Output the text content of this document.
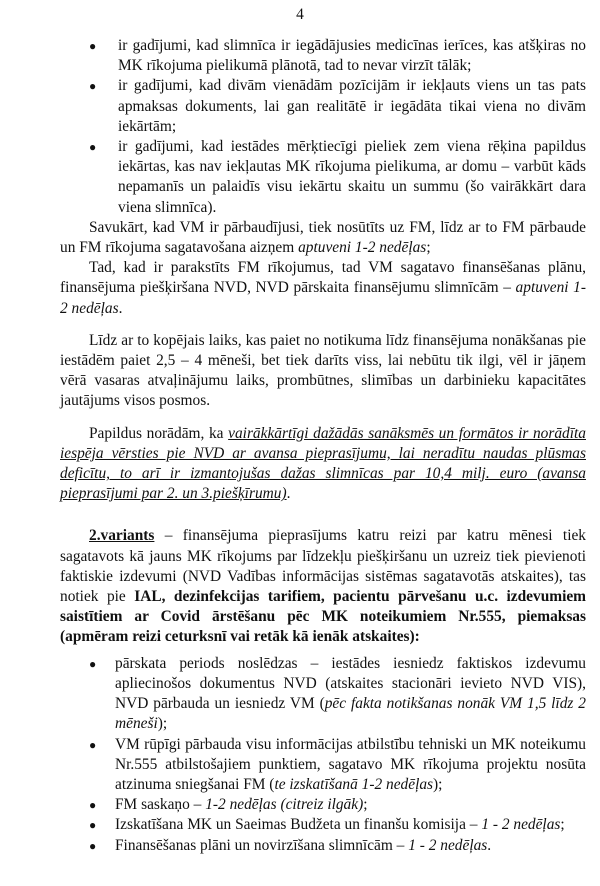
4
● ir gadījumi, kad slimnīca ir iegādājusies medicīnas ierīces, kas atšķiras no MK rīkojuma pielikumā plānotā, tad to nevar virzīt tālāk;
● ir gadījumi, kad divām vienādām pozīcijām ir iekļauts viens un tas pats apmaksas dokuments, lai gan realitātē ir iegādāta tikai viena no divām iekārtām;
● ir gadījumi, kad iestādes mērķtiecīgi pieliek zem viena rēķina papildus iekārtas, kas nav iekļautas MK rīkojuma pielikuma, ar domu – varbūt kāds nepamanīs un palaidīs visu iekārtu skaitu un summu (šo vairākkārt dara viena slimnīca).

Savukārt, kad VM ir pārbaudījusi, tiek nosūtīts uz FM, līdz ar to FM pārbaude un FM rīkojuma sagatavošana aizņem aptuveni 1-2 nedēļas;

Tad, kad ir parakstīts FM rīkojumus, tad VM sagatavo finansēšanas plānu, finansējuma piešķiršana NVD, NVD pārskaita finansējumu slimnīcām – aptuveni 1-2 nedēļas.

Līdz ar to kopējais laiks, kas paiet no notikuma līdz finansējuma nonākšanas pie iestādēm paiet 2,5 – 4 mēneši, bet tiek darīts viss, lai nebūtu tik ilgi, vēl ir jāņem vērā vasaras atvaļinājumu laiks, prombūtnes, slimības un darbinieku kapacitātes jautājums visos posmos.

Papildus norādām, ka vairākkārtīgi dažādās sanāksmēs un formātos ir norādīta iespēja vērsties pie NVD ar avansa pieprasījumu, lai neradītu naudas plūsmas deficītu, to arī ir izmantojušas dažas slimnīcas par 10,4 milj. euro (avansa pieprasījumi par 2. un 3.piešķīrumu).

2.variants – finansējuma pieprasījums katru reizi par katru mēnesi tiek sagatavots kā jauns MK rīkojums par līdzekļu piešķiršanu un uzreiz tiek pievienoti faktiskie izdevumi (NVD Vadības informācijas sistēmas sagatavotās atskaites), tas notiek pie IAL, dezinfekcijas tarifiem, pacientu pārvešanu u.c. izdevumiem saistītiem ar Covid ārstēšanu pēc MK noteikumiem Nr.555, piemaksas (apmēram reizi ceturksnī vai retāk kā ienāk atskaites):

● pārskata periods noslēdzas – iestādes iesniedz faktiskos izdevumu apliecinošos dokumentus NVD (atskaites stacionāri ievieto NVD VIS), NVD pārbauda un iesniedz VM (pēc fakta notikšanas nonāk VM 1,5 līdz 2 mēneši);
● VM rūpīgi pārbauda visu informācijas atbilstību tehniski un MK noteikumu Nr.555 atbilstošajiem punktiem, sagatavo MK rīkojuma projektu nosūta atzinuma sniegšanai FM (te izskatīšanā 1-2 nedēļas);
● FM saskaņo – 1-2 nedēļas (citreiz ilgāk);
● Izskatīšana MK un Saeimas Budžeta un finanšu komisija – 1 - 2 nedēļas;
● Finansēšanas plāni un novirzīšana slimnīcām – 1 - 2 nedēļas.
